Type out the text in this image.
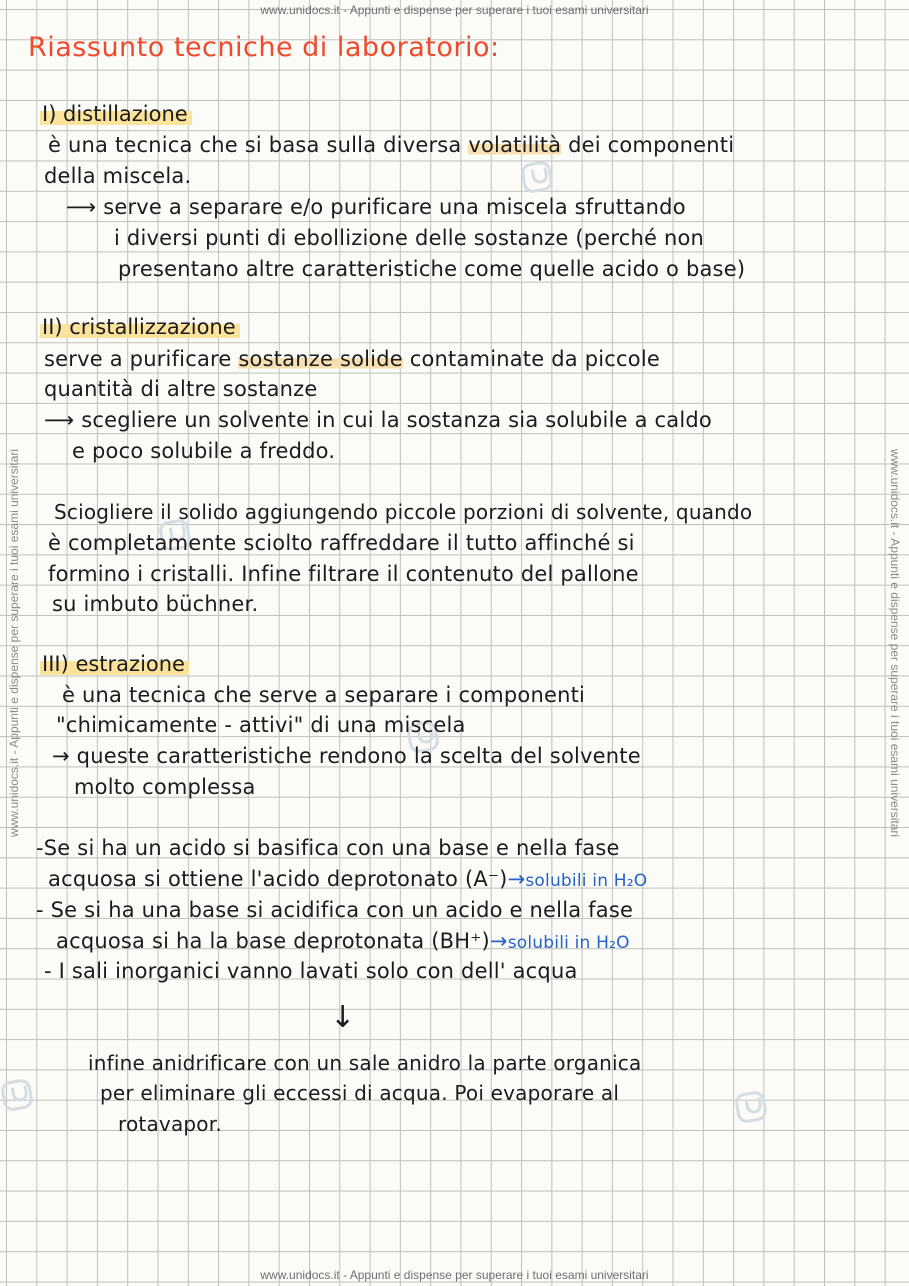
www.unidocs.it - Appunti e dispense per superare i tuoi esami universitari
www.unidocs.it - Appunti e dispense per superare i tuoi esami universitari
www.unidocs.it - Appunti e dispense per superare i tuoi esami universitari	www.unidocs.it - Appunti e dispense per superare i tuoi esami universitari
Riassunto tecniche di laboratorio:
I) distillazione
è una tecnica che si basa sulla diversa volatilità dei componenti
della miscela.
⟶ serve a separare e/o purificare una miscela sfruttando
i diversi punti di ebollizione delle sostanze (perché non
presentano altre caratteristiche come quelle acido o base)
II) cristallizzazione
serve a purificare sostanze solide contaminate da piccole
quantità di altre sostanze
⟶ scegliere un solvente in cui la sostanza sia solubile a caldo
e poco solubile a freddo.
Sciogliere il solido aggiungendo piccole porzioni di solvente, quando
è completamente sciolto raffreddare il tutto affinché si
formino i cristalli. Infine filtrare il contenuto del pallone
su imbuto büchner.
III) estrazione
è una tecnica che serve a separare i componenti
"chimicamente - attivi" di una miscela
→ queste caratteristiche rendono la scelta del solvente
molto complessa
-Se si ha un acido si basifica con una base e nella fase
acquosa si ottiene l'acido deprotonato (A⁻)→solubili in H₂O
- Se si ha una base si acidifica con un acido e nella fase
acquosa si ha la base deprotonata (BH⁺)→solubili in H₂O
- I sali inorganici vanno lavati solo con dell' acqua
↓
infine anidrificare con un sale anidro la parte organica
per eliminare gli eccessi di acqua. Poi evaporare al
rotavapor.
